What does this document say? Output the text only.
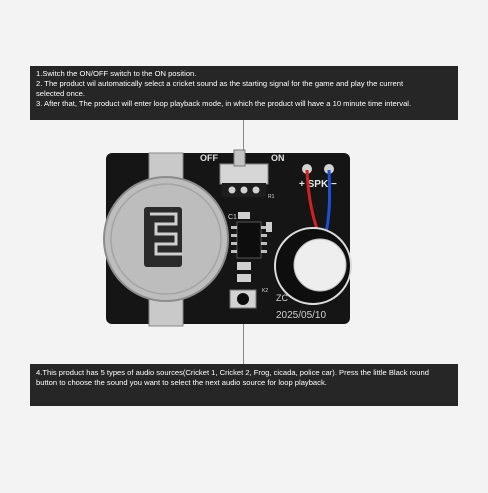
1.Switch the ON/OFF switch to the ON position.
2. The product wil automatically select a cricket sound as the starting signal for the game and play the current
selected once.
3. After that, The product will enter loop playback mode, in which the product will have a 10 minute time interval.
OFF	ON
C1
R1
K2
ZC
2025/05/10
+ SPK −
4.This product has 5 types of audio sources(Cricket 1, Cricket 2, Frog, cicada, police car). Press the little Black round
button to choose the sound you want to select the next audio source for loop playback.
